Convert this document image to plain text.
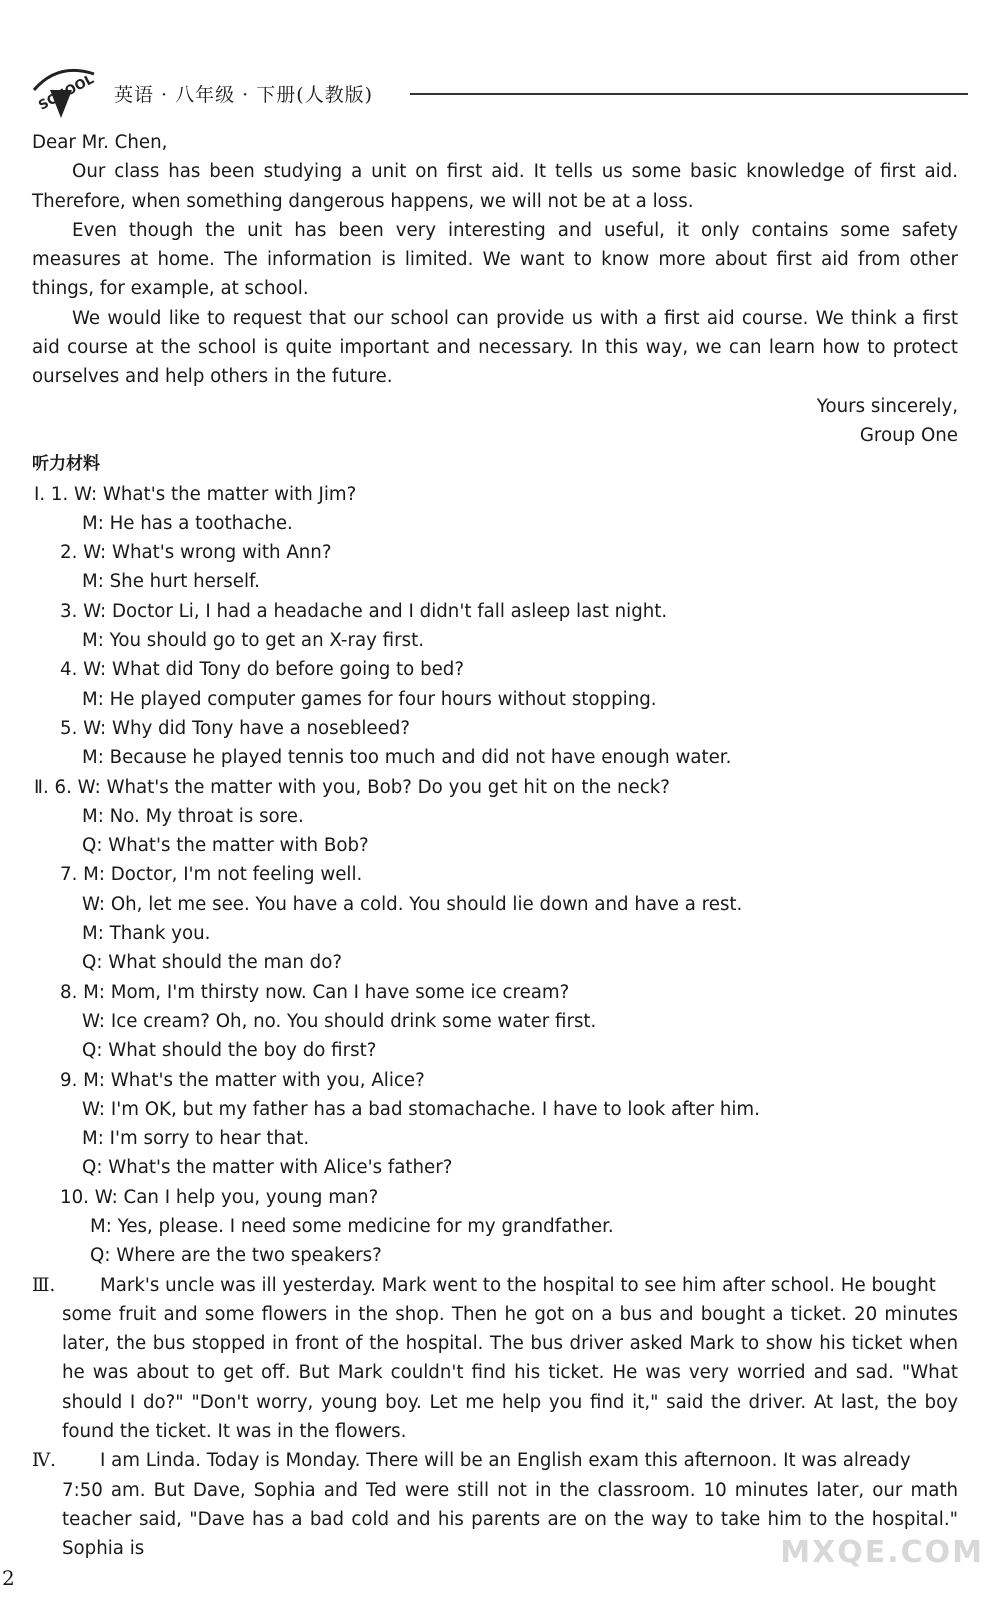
SCHOOL 英语 · 八年级 · 下册(人教版)

Dear Mr. Chen,

Our class has been studying a unit on first aid. It tells us some basic knowledge of first aid. Therefore, when something dangerous happens, we will not be at a loss.

Even though the unit has been very interesting and useful, it only contains some safety measures at home. The information is limited. We want to know more about first aid from other things, for example, at school.

We would like to request that our school can provide us with a first aid course. We think a first aid course at the school is quite important and necessary. In this way, we can learn how to protect ourselves and help others in the future.

Yours sincerely,

Group One

听力材料

Ⅰ. 1. W: What's the matter with Jim?

M: He has a toothache.

2. W: What's wrong with Ann?

M: She hurt herself.

3. W: Doctor Li, I had a headache and I didn't fall asleep last night.

M: You should go to get an X-ray first.

4. W: What did Tony do before going to bed?

M: He played computer games for four hours without stopping.

5. W: Why did Tony have a nosebleed?

M: Because he played tennis too much and did not have enough water.

Ⅱ. 6. W: What's the matter with you, Bob? Do you get hit on the neck?

M: No. My throat is sore.

Q: What's the matter with Bob?

7. M: Doctor, I'm not feeling well.

W: Oh, let me see. You have a cold. You should lie down and have a rest.

M: Thank you.

Q: What should the man do?

8. M: Mom, I'm thirsty now. Can I have some ice cream?

W: Ice cream? Oh, no. You should drink some water first.

Q: What should the boy do first?

9. M: What's the matter with you, Alice?

W: I'm OK, but my father has a bad stomachache. I have to look after him.

M: I'm sorry to hear that.

Q: What's the matter with Alice's father?

10. W: Can I help you, young man?

M: Yes, please. I need some medicine for my grandfather.

Q: Where are the two speakers?

Ⅲ. Mark's uncle was ill yesterday. Mark went to the hospital to see him after school. He bought

some fruit and some flowers in the shop. Then he got on a bus and bought a ticket. 20 minutes later, the bus stopped in front of the hospital. The bus driver asked Mark to show his ticket when he was about to get off. But Mark couldn't find his ticket. He was very worried and sad. "What should I do?" "Don't worry, young boy. Let me help you find it," said the driver. At last, the boy found the ticket. It was in the flowers.

Ⅳ. I am Linda. Today is Monday. There will be an English exam this afternoon. It was already

7:50 am. But Dave, Sophia and Ted were still not in the classroom. 10 minutes later, our math teacher said, "Dave has a bad cold and his parents are on the way to take him to the hospital." Sophia is

2
MXQE.COM
